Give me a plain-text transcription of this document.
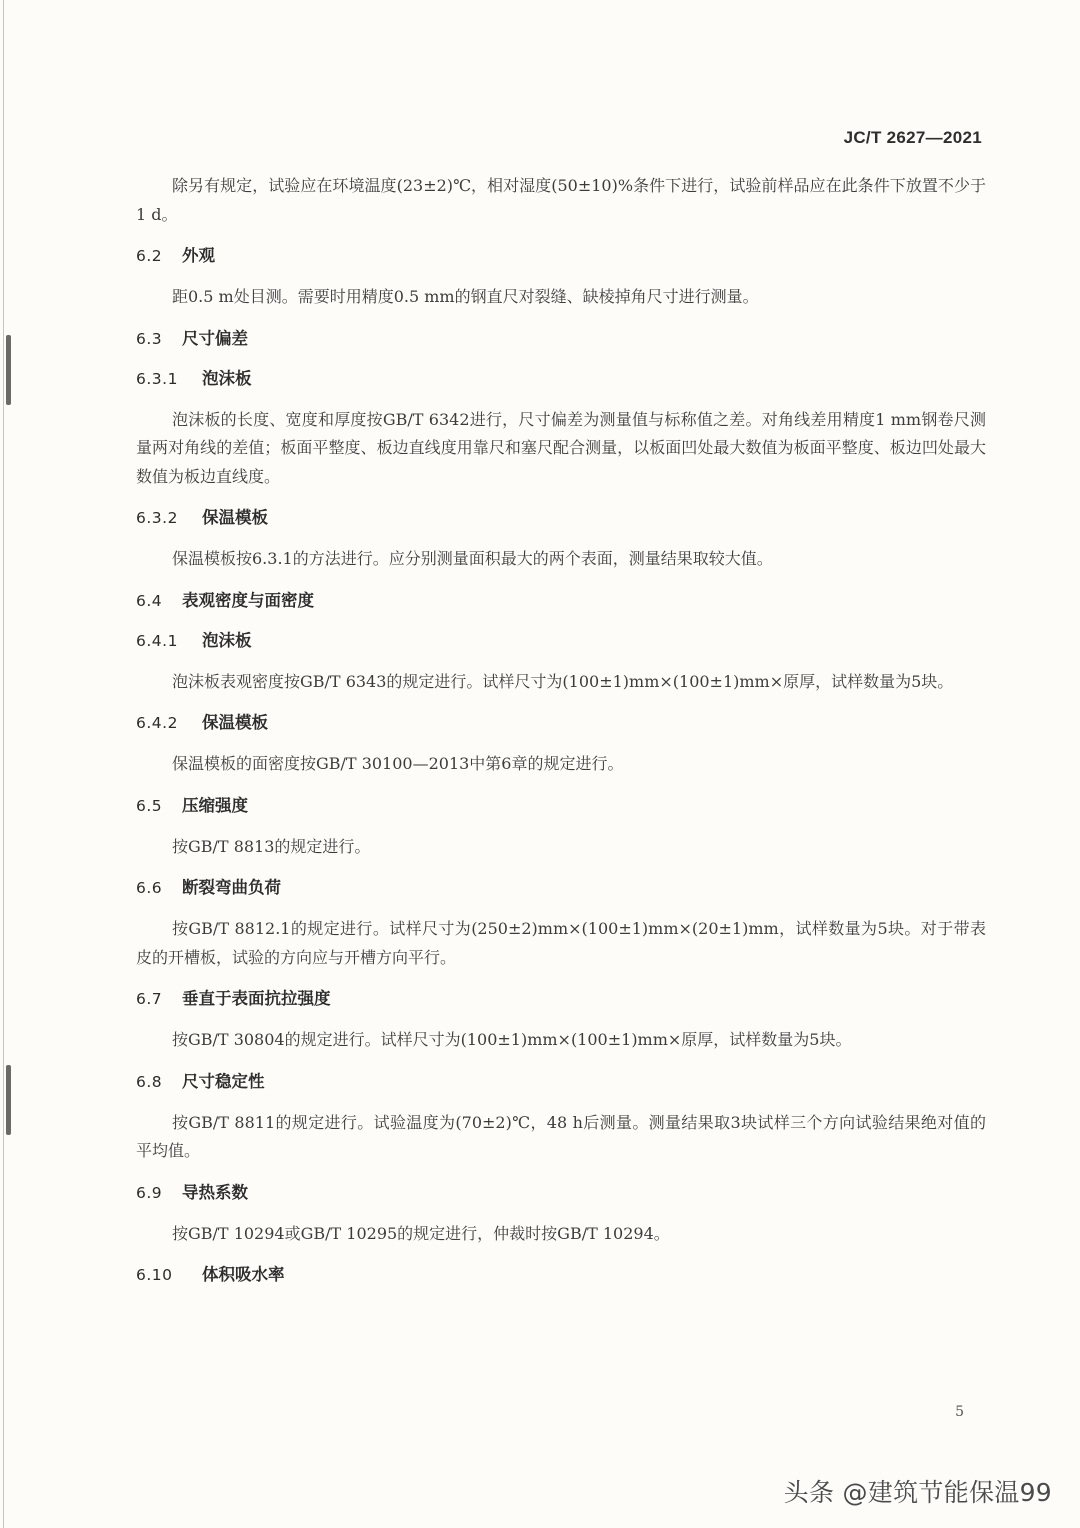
JC/T 2627—2021

除另有规定，试验应在环境温度(23±2)℃，相对湿度(50±10)%条件下进行，试验前样品应在此条件下放置不少于1 d。

6.2 外观

距0.5 m处目测。需要时用精度0.5 mm的钢直尺对裂缝、缺棱掉角尺寸进行测量。

6.3 尺寸偏差
6.3.1 泡沫板

泡沫板的长度、宽度和厚度按GB/T 6342进行，尺寸偏差为测量值与标称值之差。对角线差用精度1 mm钢卷尺测量两对角线的差值；板面平整度、板边直线度用靠尺和塞尺配合测量，以板面凹处最大数值为板面平整度、板边凹处最大数值为板边直线度。

6.3.2 保温模板

保温模板按6.3.1的方法进行。应分别测量面积最大的两个表面，测量结果取较大值。

6.4 表观密度与面密度
6.4.1 泡沫板

泡沫板表观密度按GB/T 6343的规定进行。试样尺寸为(100±1)mm×(100±1)mm×原厚，试样数量为5块。

6.4.2 保温模板

保温模板的面密度按GB/T 30100—2013中第6章的规定进行。

6.5 压缩强度

按GB/T 8813的规定进行。

6.6 断裂弯曲负荷

按GB/T 8812.1的规定进行。试样尺寸为(250±2)mm×(100±1)mm×(20±1)mm，试样数量为5块。对于带表皮的开槽板，试验的方向应与开槽方向平行。

6.7 垂直于表面抗拉强度

按GB/T 30804的规定进行。试样尺寸为(100±1)mm×(100±1)mm×原厚，试样数量为5块。

6.8 尺寸稳定性

按GB/T 8811的规定进行。试验温度为(70±2)℃，48 h后测量。测量结果取3块试样三个方向试验结果绝对值的平均值。

6.9 导热系数

按GB/T 10294或GB/T 10295的规定进行，仲裁时按GB/T 10294。

6.10 体积吸水率
5
头条 @建筑节能保温99
